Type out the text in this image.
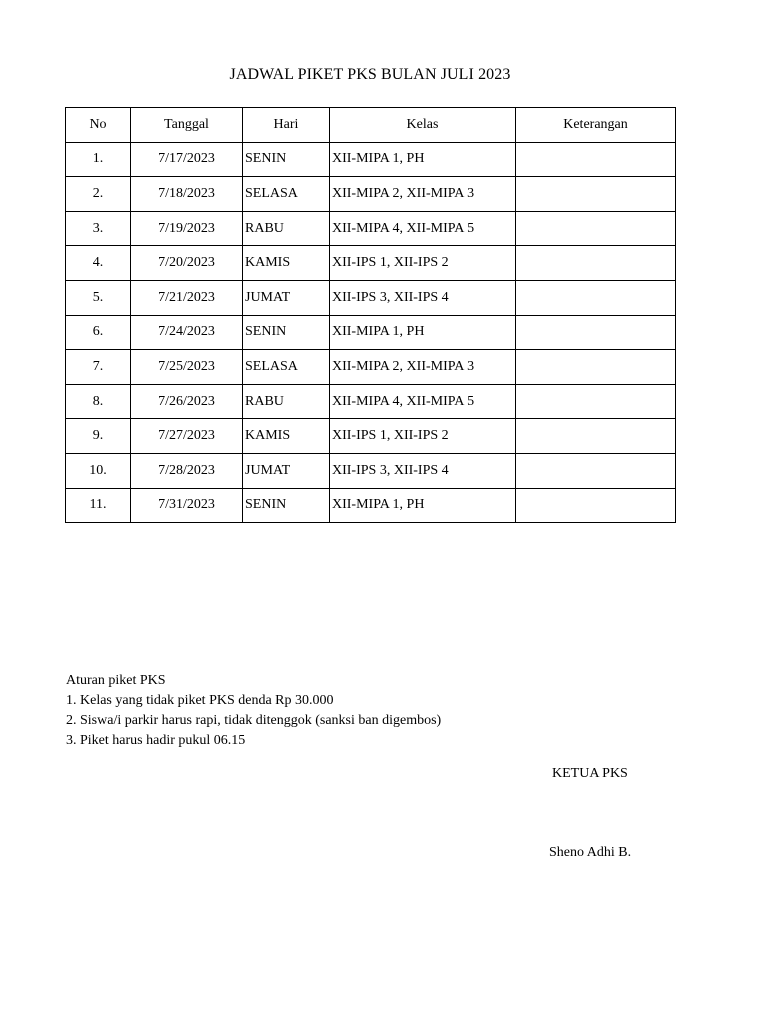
JADWAL PIKET PKS BULAN JULI 2023
No	Tanggal	Hari	Kelas	Keterangan
1.	7/17/2023	SENIN	XII-MIPA 1, PH	
2.	7/18/2023	SELASA	XII-MIPA 2, XII-MIPA 3	
3.	7/19/2023	RABU	XII-MIPA 4, XII-MIPA 5	
4.	7/20/2023	KAMIS	XII-IPS 1, XII-IPS 2	
5.	7/21/2023	JUMAT	XII-IPS 3, XII-IPS 4	
6.	7/24/2023	SENIN	XII-MIPA 1, PH	
7.	7/25/2023	SELASA	XII-MIPA 2, XII-MIPA 3	
8.	7/26/2023	RABU	XII-MIPA 4, XII-MIPA 5	
9.	7/27/2023	KAMIS	XII-IPS 1, XII-IPS 2	
10.	7/28/2023	JUMAT	XII-IPS 3, XII-IPS 4	
11.	7/31/2023	SENIN	XII-MIPA 1, PH	
Aturan piket PKS
1. Kelas yang tidak piket PKS denda Rp 30.000
2. Siswa/i parkir harus rapi, tidak ditenggok (sanksi ban digembos)
3. Piket harus hadir pukul 06.15
KETUA PKS
Sheno Adhi B.
